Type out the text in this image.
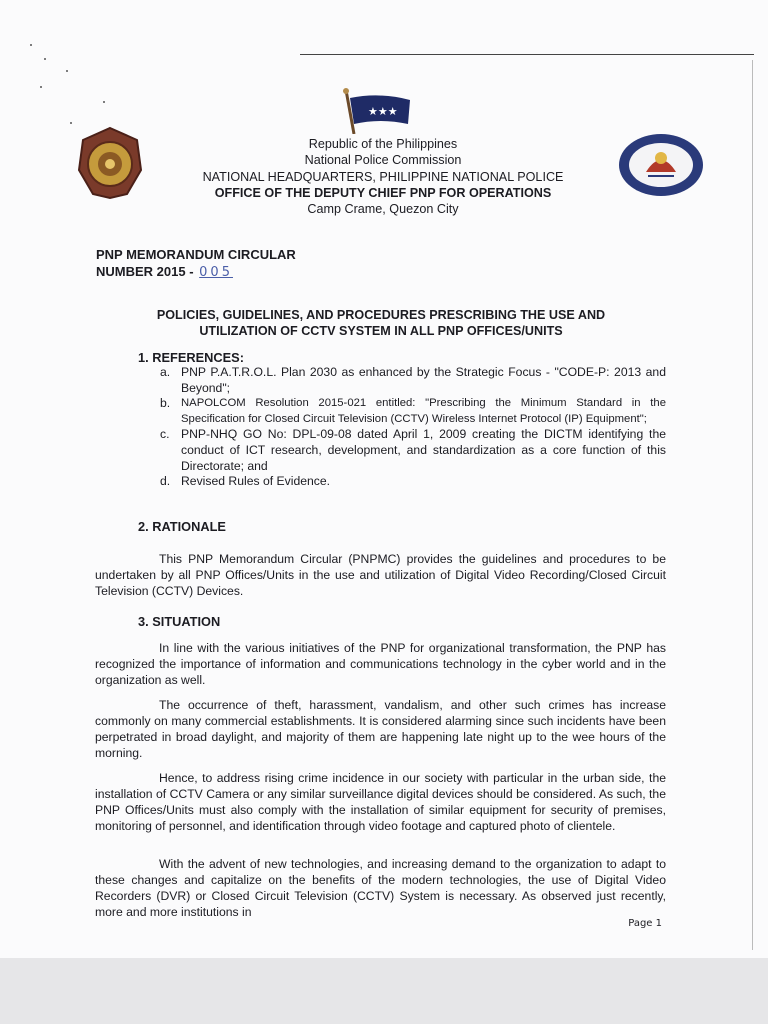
★★★
Republic of the Philippines
National Police Commission
NATIONAL HEADQUARTERS, PHILIPPINE NATIONAL POLICE
OFFICE OF THE DEPUTY CHIEF PNP FOR OPERATIONS
Camp Crame, Quezon City
PNP MEMORANDUM CIRCULAR
NUMBER 2015 - 005
POLICIES, GUIDELINES, AND PROCEDURES PRESCRIBING THE USE AND
UTILIZATION OF CCTV SYSTEM IN ALL PNP OFFICES/UNITS
1. REFERENCES:
a. PNP P.A.T.R.O.L. Plan 2030 as enhanced by the Strategic Focus - "CODE-P: 2013 and Beyond";
b. NAPOLCOM Resolution 2015-021 entitled: "Prescribing the Minimum Standard in the Specification for Closed Circuit Television (CCTV) Wireless Internet Protocol (IP) Equipment";
c. PNP-NHQ GO No: DPL-09-08 dated April 1, 2009 creating the DICTM identifying the conduct of ICT research, development, and standardization as a core function of this Directorate; and
d. Revised Rules of Evidence.
2. RATIONALE
This PNP Memorandum Circular (PNPMC) provides the guidelines and procedures to be undertaken by all PNP Offices/Units in the use and utilization of Digital Video Recording/Closed Circuit Television (CCTV) Devices.
3. SITUATION
In line with the various initiatives of the PNP for organizational transformation, the PNP has recognized the importance of information and communications technology in the cyber world and in the organization as well.
The occurrence of theft, harassment, vandalism, and other such crimes has increase commonly on many commercial establishments. It is considered alarming since such incidents have been perpetrated in broad daylight, and majority of them are happening late night up to the wee hours of the morning.
Hence, to address rising crime incidence in our society with particular in the urban side, the installation of CCTV Camera or any similar surveillance digital devices should be considered. As such, the PNP Offices/Units must also comply with the installation of similar equipment for security of premises, monitoring of personnel, and identification through video footage and captured photo of clientele.
With the advent of new technologies, and increasing demand to the organization to adapt to these changes and capitalize on the benefits of the modern technologies, the use of Digital Video Recorders (DVR) or Closed Circuit Television (CCTV) System is necessary. As observed just recently, more and more institutions in
Page 1
